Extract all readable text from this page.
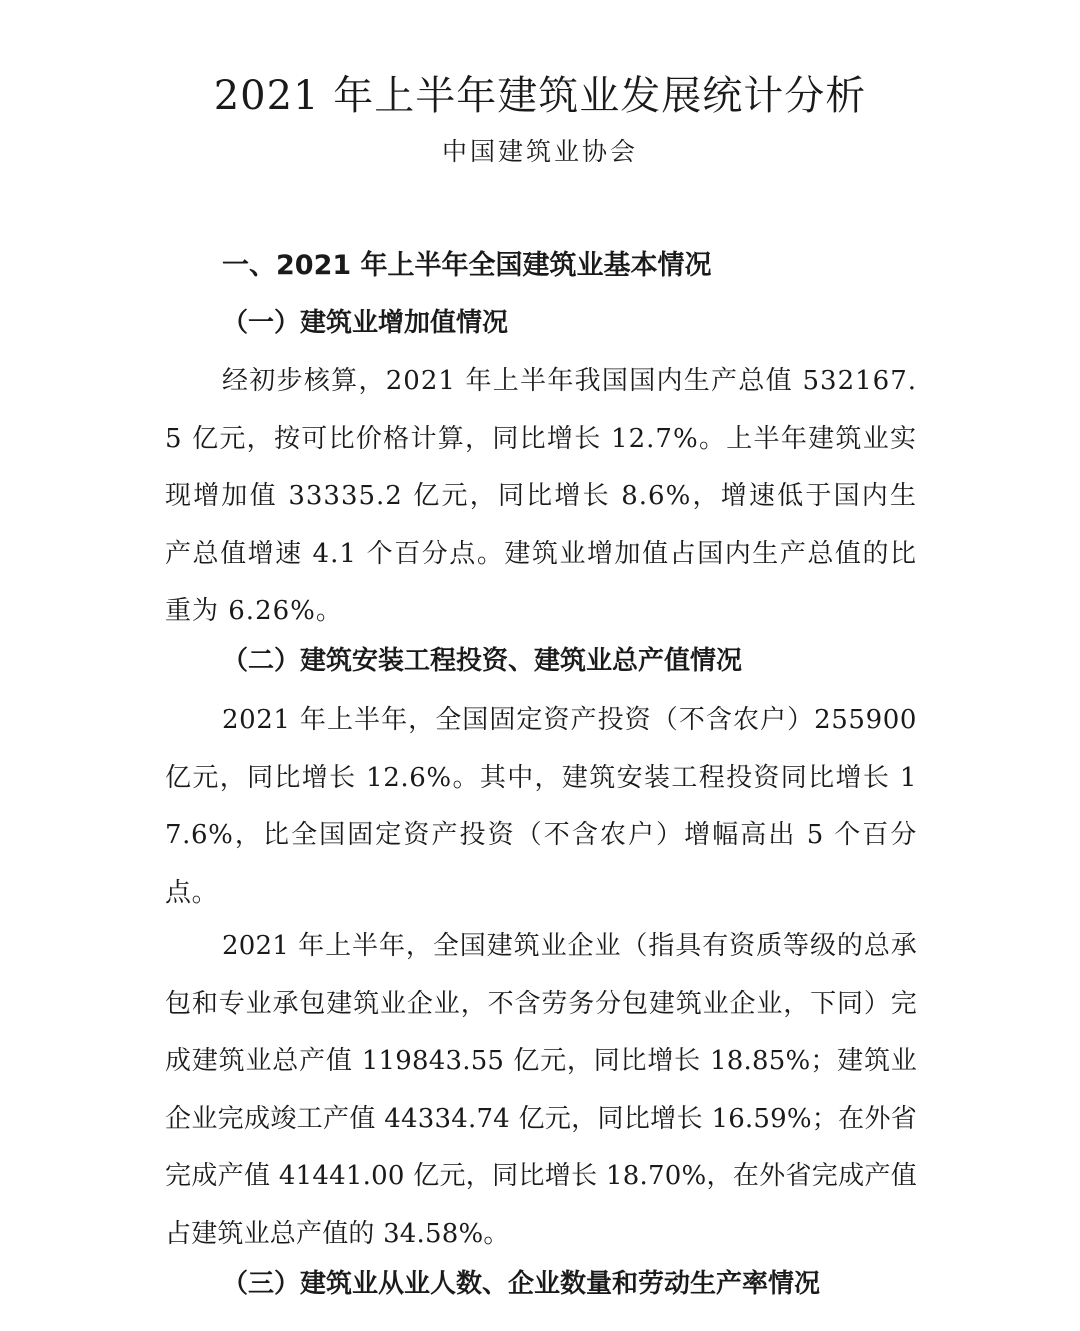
2021 年上半年建筑业发展统计分析
中国建筑业协会
一、2021 年上半年全国建筑业基本情况
（一）建筑业增加值情况
经初步核算，2021 年上半年我国国内生产总值 532167.5 亿元，按可比价格计算，同比增长 12.7%。上半年建筑业实现增加值 33335.2 亿元，同比增长 8.6%，增速低于国内生产总值增速 4.1 个百分点。建筑业增加值占国内生产总值的比重为 6.26%。
（二）建筑安装工程投资、建筑业总产值情况
2021 年上半年，全国固定资产投资（不含农户）255900 亿元，同比增长 12.6%。其中，建筑安装工程投资同比增长 17.6%，比全国固定资产投资（不含农户）增幅高出 5 个百分点。
2021 年上半年，全国建筑业企业（指具有资质等级的总承包和专业承包建筑业企业，不含劳务分包建筑业企业，下同）完成建筑业总产值 119843.55 亿元，同比增长 18.85%；建筑业企业完成竣工产值 44334.74 亿元，同比增长 16.59%；在外省完成产值 41441.00 亿元，同比增长 18.70%，在外省完成产值占建筑业总产值的 34.58%。
（三）建筑业从业人数、企业数量和劳动生产率情况
